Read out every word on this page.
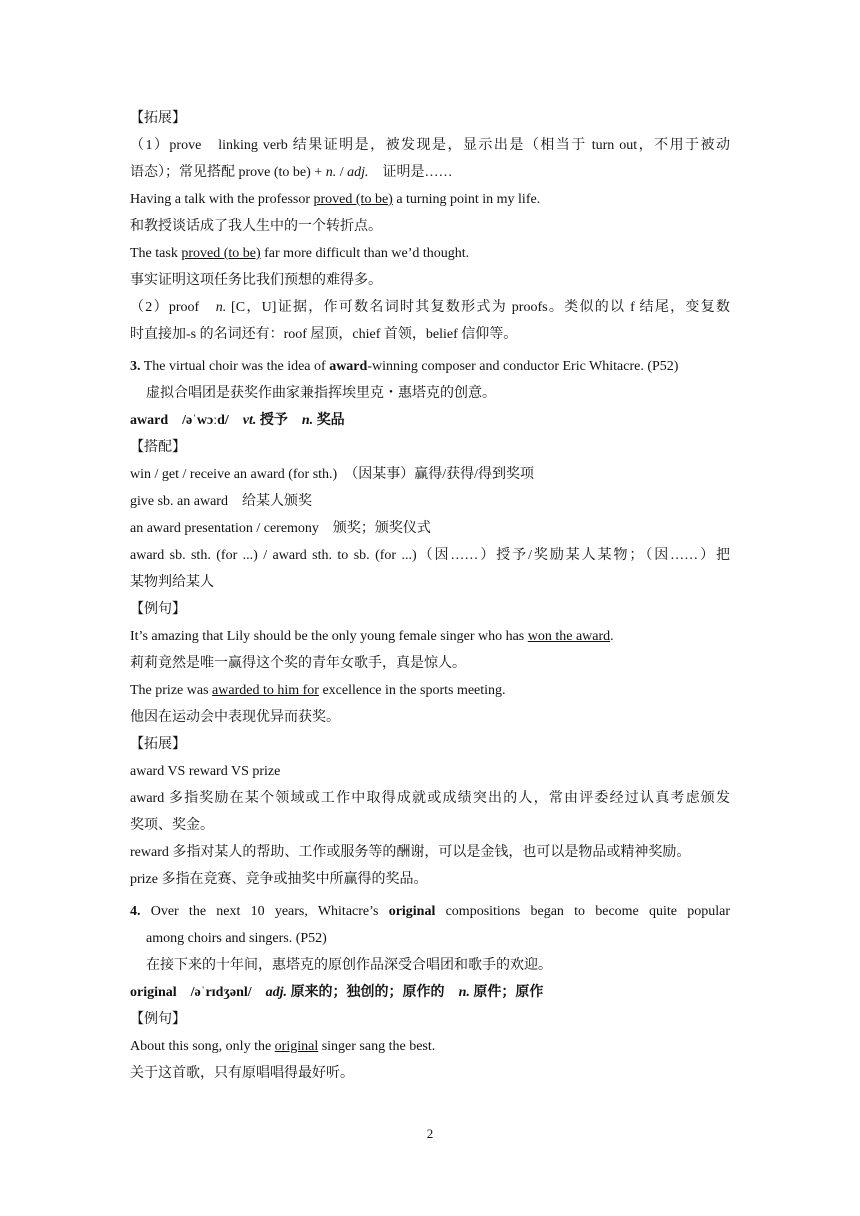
【拓展】
（1）prove　linking verb 结果证明是，被发现是，显示出是（相当于 turn out，不用于被动
语态）；常见搭配 prove (to be) + n. / adj.　证明是……
Having a talk with the professor proved (to be) a turning point in my life.
和教授谈话成了我人生中的一个转折点。
The task proved (to be) far more difficult than we’d thought.
事实证明这项任务比我们预想的难得多。
（2）proof　n. [C，U]证据，作可数名词时其复数形式为 proofs。类似的以 f 结尾，变复数
时直接加-s 的名词还有：roof 屋顶，chief 首领，belief 信仰等。
3. The virtual choir was the idea of award-winning composer and conductor Eric Whitacre. (P52)
虚拟合唱团是获奖作曲家兼指挥埃里克・惠塔克的创意。
award　 /əˈwɔːd/　 vt. 授予　n. 奖品
【搭配】
win / get / receive an award (for sth.)　（因某事）赢得/获得/得到奖项
give sb. an award　给某人颁奖
an award presentation / ceremony　颁奖；颁奖仪式
award sb. sth. (for ...) / award sth. to sb. (for ...)（因……）授予/奖励某人某物；（因……）把
某物判给某人
【例句】
It’s amazing that Lily should be the only young female singer who has won the award.
莉莉竟然是唯一赢得这个奖的青年女歌手，真是惊人。
The prize was awarded to him for excellence in the sports meeting.
他因在运动会中表现优异而获奖。
【拓展】
award VS reward VS prize
award 多指奖励在某个领域或工作中取得成就或成绩突出的人，常由评委经过认真考虑颁发
奖项、奖金。
reward 多指对某人的帮助、工作或服务等的酬谢，可以是金钱，也可以是物品或精神奖励。
prize 多指在竞赛、竞争或抽奖中所赢得的奖品。
4. Over the next 10 years, Whitacre’s original compositions began to become quite popular
among choirs and singers. (P52)
在接下来的十年间，惠塔克的原创作品深受合唱团和歌手的欢迎。
original　 /əˈrɪdʒənl/　 adj. 原来的；独创的；原作的　n. 原件；原作
【例句】
About this song, only the original singer sang the best.
关于这首歌，只有原唱唱得最好听。
2
